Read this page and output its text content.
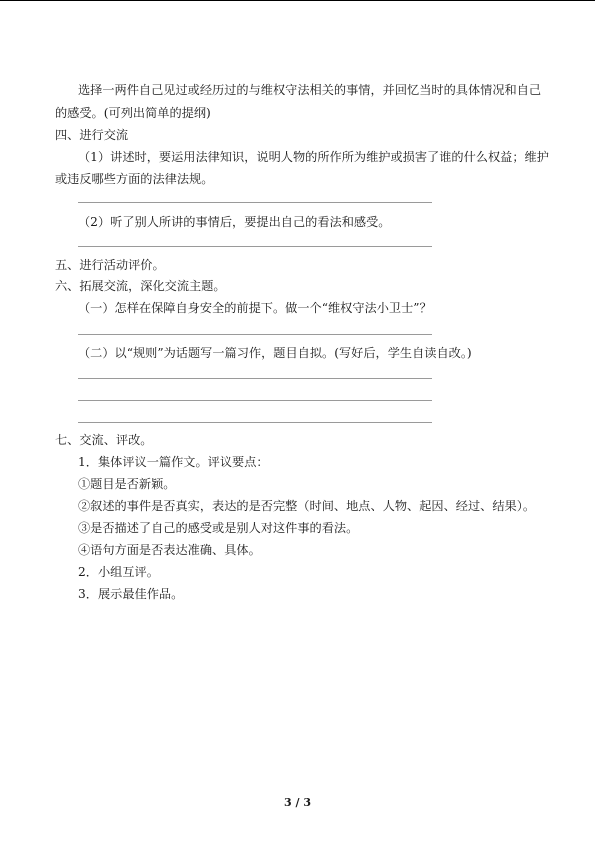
选择一两件自己见过或经历过的与维权守法相关的事情，并回忆当时的具体情况和自己
的感受。(可列出简单的提纲)
四、进行交流
（1）讲述时，要运用法律知识，说明人物的所作所为维护或损害了谁的什么权益；维护
或违反哪些方面的法律法规。
（2）听了别人所讲的事情后，要提出自己的看法和感受。
五、进行活动评价。
六、拓展交流，深化交流主题。
（一）怎样在保障自身安全的前提下。做一个“维权守法小卫士”？
（二）以“规则”为话题写一篇习作，题目自拟。(写好后，学生自读自改。)
七、交流、评改。
1．集体评议一篇作文。评议要点：
①题目是否新颖。
②叙述的事件是否真实，表达的是否完整（时间、地点、人物、起因、经过、结果）。
③是否描述了自己的感受或是别人对这件事的看法。
④语句方面是否表达准确、具体。
2．小组互评。
3．展示最佳作品。
3 / 3
